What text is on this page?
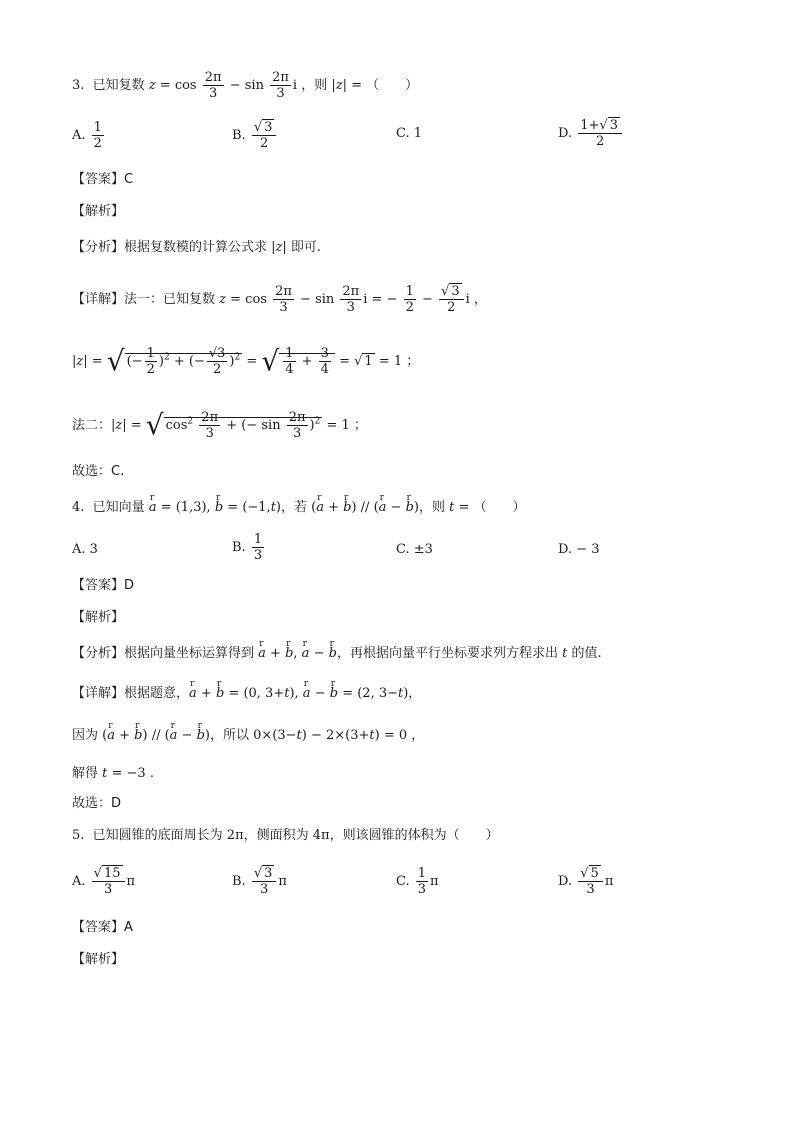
3.  已知复数 $z = \cos \frac{2\pi}{3} - \sin \frac{2\pi}{3}$ i ，则 |z| = （　　）
A. $\frac{1}{2}$	B. $\frac{√ 3}{2}$	C. 1	D. $\frac{1+√ 3}{2}$
【答案】C
【解析】
【分析】根据复数模的计算公式求 |z| 即可.
【详解】法一：已知复数 $z = \cos \frac{2\pi}{3} - \sin \frac{2\pi}{3}$ i = − $\frac{1}{2} - \frac{√ 3}{2}$ i ，
|z| = √ (− $\frac{1}{2} )^2$ + (− $\frac{√3}{2} )^2$ = √ $\frac{1}{4} + \frac{3}{4}$ = √ 1 = 1 ；
法二：|z| = √ $\cos^2 \frac{2\pi}{3}$ + (− $\sin \frac{2\pi}{3} )^2 = 1$ ；
故选：C.
4.  已知向量 r a = (1,3), r b = (−1,t)，若 (r a + r b) // (r a − r b)，则 t = （　　）
A. 3	B. $\frac{1}{3}$	C. ±3	D. − 3
【答案】D
【解析】
【分析】根据向量坐标运算得到 r a + r b, r a − r b，再根据向量平行坐标要求列方程求出 t 的值.
【详解】根据题意，r a + r b = (0, 3+t), r a − r b = (2, 3−t)，
因为 (r a + r b) // (r a − r b)，所以 0×(3−t) − 2×(3+t) = 0 ，
解得 t = −3 .
故选：D
5.  已知圆锥的底面周长为 2π，侧面积为 4π，则该圆锥的体积为（　　）
A. $\frac{√ 15}{3}$ π	B. $\frac{√ 3}{3}$ π	C. $\frac{1}{3}$ π	D. $\frac{√ 5}{3}$ π
【答案】A
【解析】
